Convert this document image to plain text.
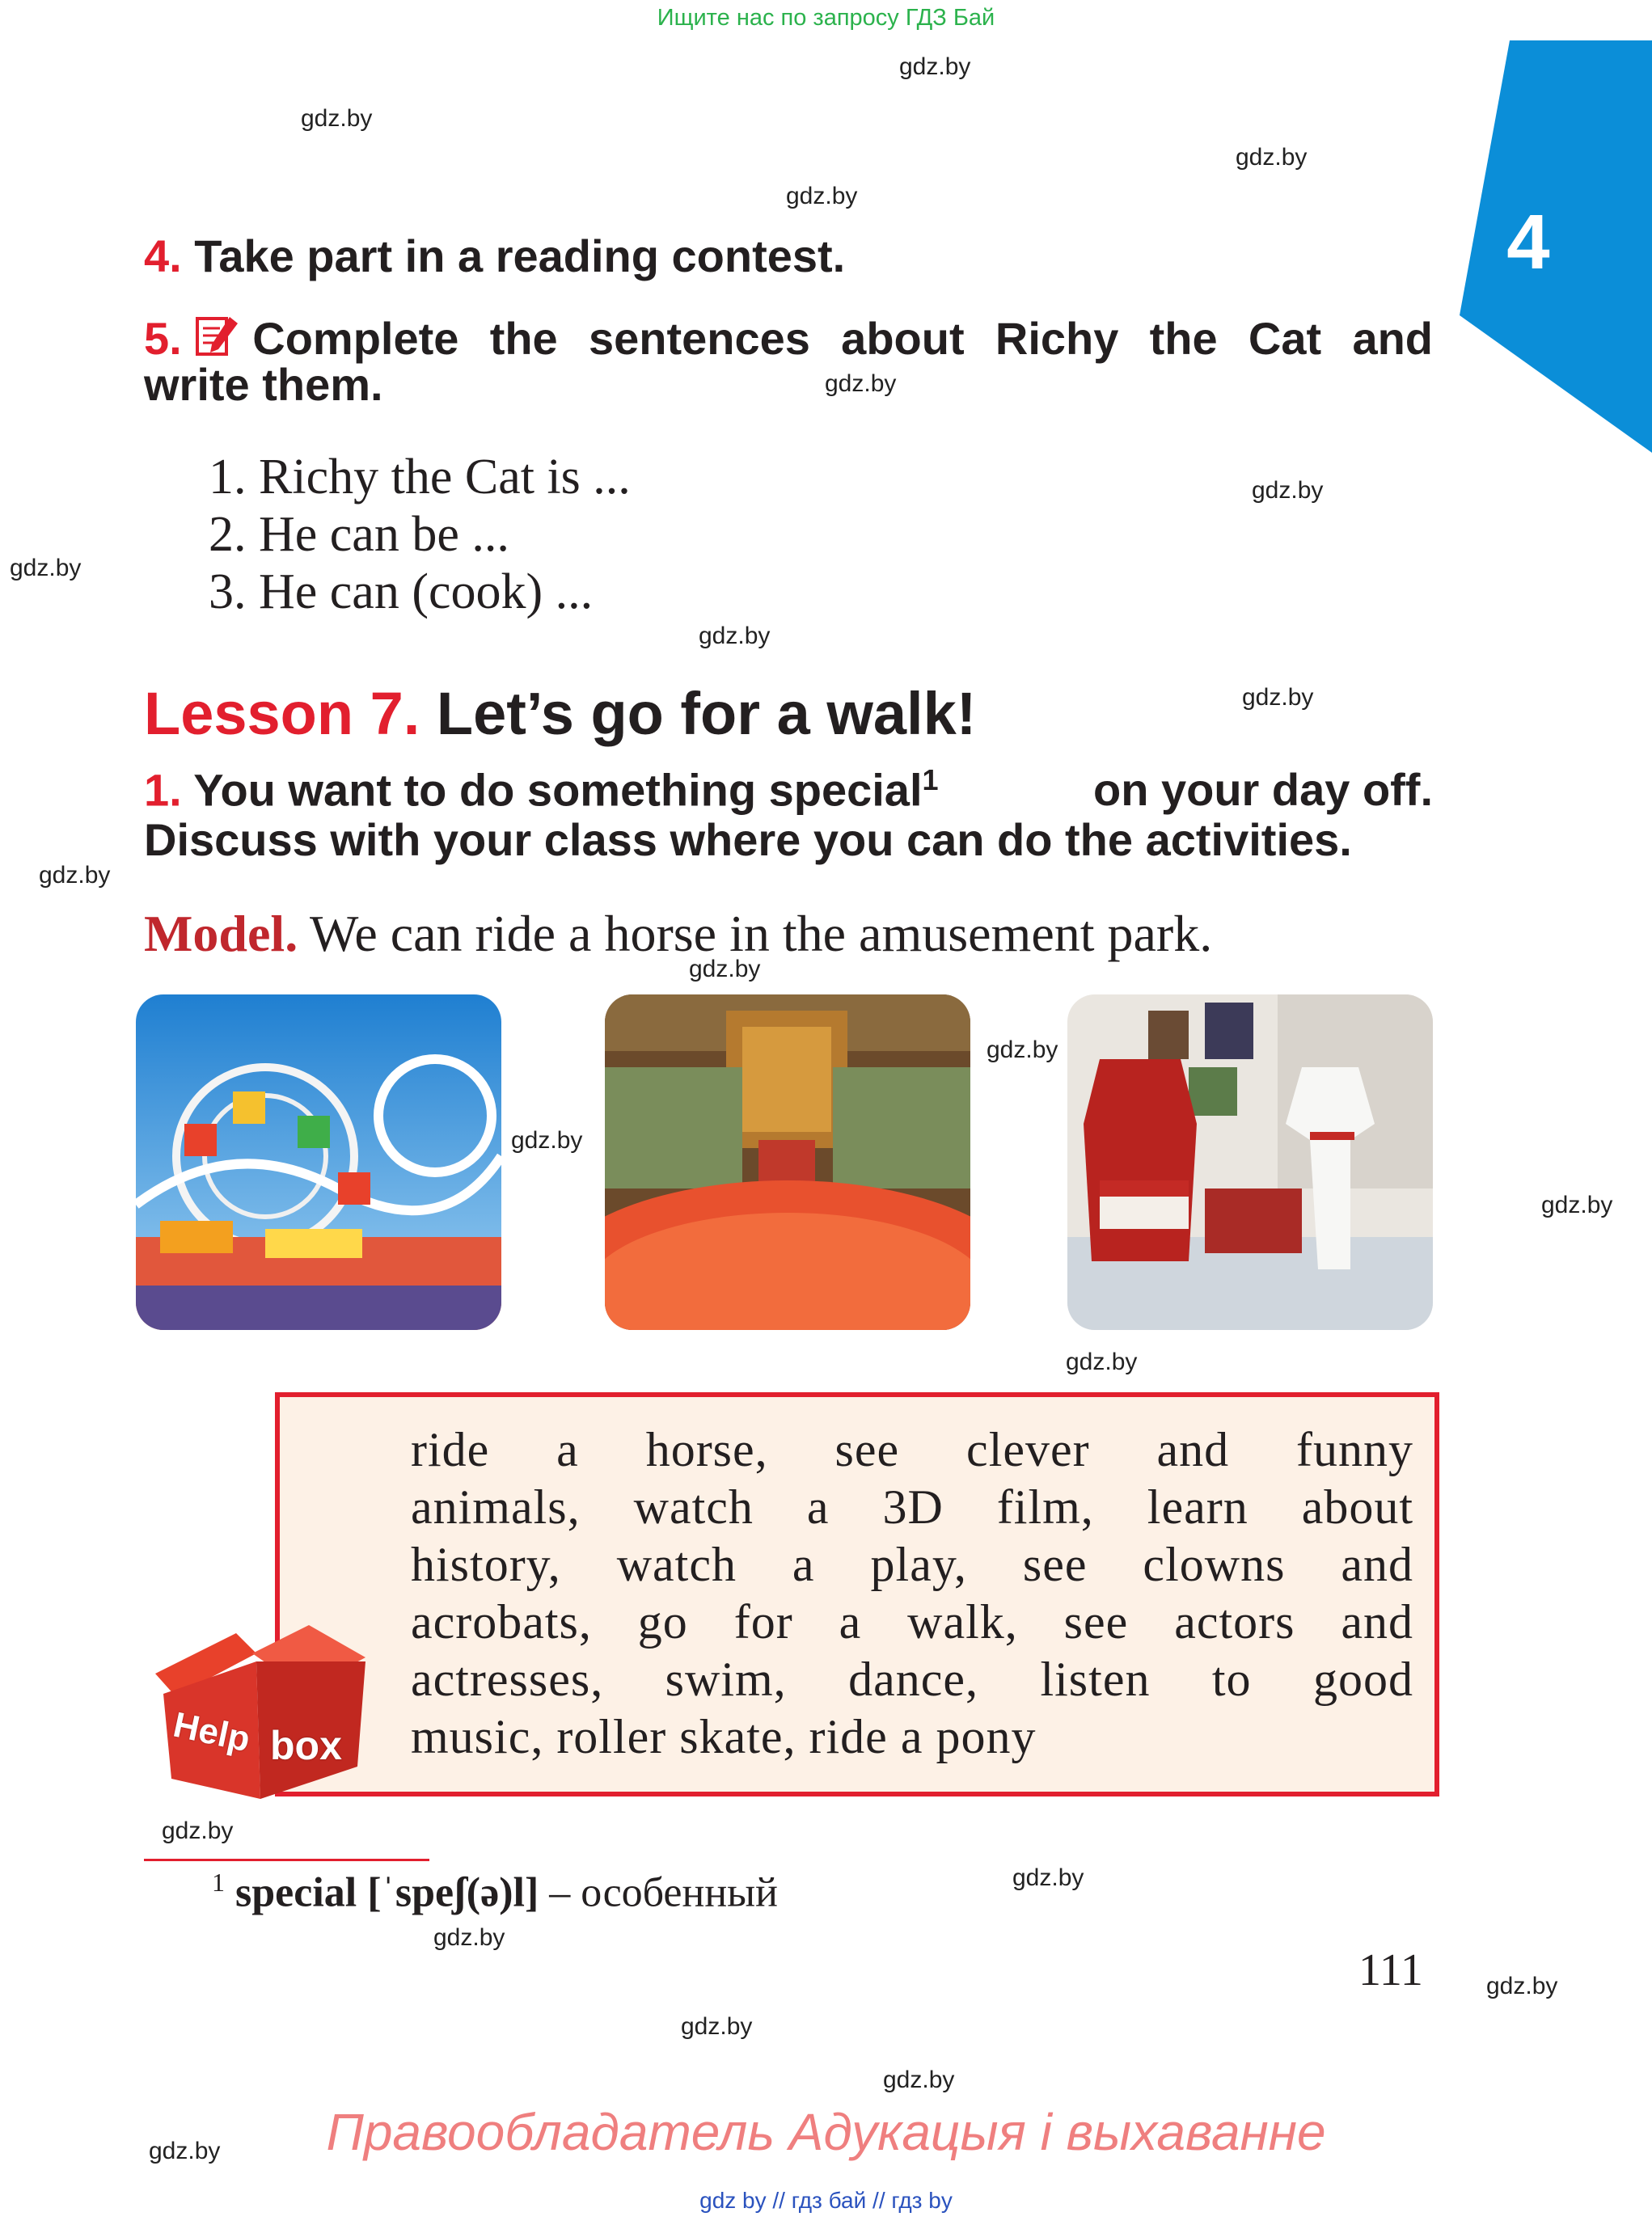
Ищите нас по запросу ГДЗ Бай
4
gdz.by
gdz.by
gdz.by
gdz.by
gdz.by
gdz.by
gdz.by
gdz.by
gdz.by
gdz.by
gdz.by
gdz.by
gdz.by
gdz.by
gdz.by
gdz.by
gdz.by
gdz.by
gdz.by
gdz.by
gdz.by
gdz.by
4. Take part in a reading contest.
5.	Complete the sentences about Richy the Cat and
write them.
1. Richy the Cat is ...
2. He can be ...
3. He can (cook) ...
Lesson 7. Let’s go for a walk!
1. You want to do something special$^1$	on your day off.
Discuss with your class where you can do the activities.
Model. We can ride a horse in the amusement park.
ride a horse, see clever and funny
animals, watch a 3D film, learn about
history, watch a play, see clowns and
acrobats, go for a walk, see actors and
actresses, swim, dance, listen to good
music, roller skate, ride a pony
Help box
$^1$ special [ˈspeʃ(ə)l] – особенный
111
Правообладатель Адукацыя і выхаванне
gdz by // гдз бай // гдз by
